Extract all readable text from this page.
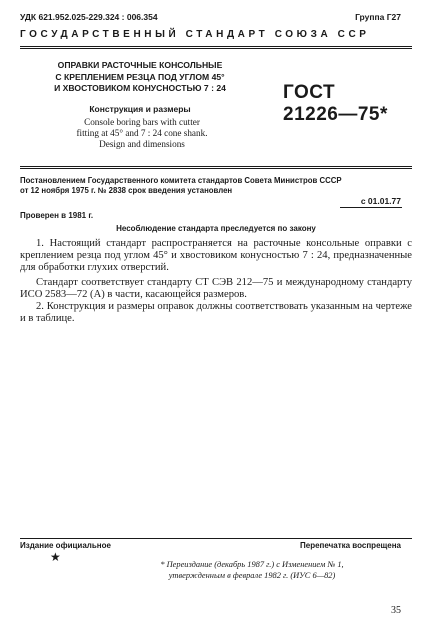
УДК 621.952.025-229.324 : 006.354	Группа Г27
ГОСУДАРСТВЕННЫЙ СТАНДАРТ СОЮЗА ССР
ОПРАВКИ РАСТОЧНЫЕ КОНСОЛЬНЫЕ
С КРЕПЛЕНИЕМ РЕЗЦА ПОД УГЛОМ 45°
И ХВОСТОВИКОМ КОНУСНОСТЬЮ 7 : 24
Конструкция и размеры
Console boring bars with cutter
fitting at 45° and 7 : 24 cone shank.
Design and dimensions
ГОСТ
21226—75*
Постановлением Государственного комитета стандартов Совета Министров СССР
от 12 ноября 1975 г. № 2838 срок введения установлен
с 01.01.77
Проверен в 1981 г.
Несоблюдение стандарта преследуется по закону

1. Настоящий стандарт распространяется на расточные консольные оправки с креплением резца под углом 45° и хвостовиком конусностью 7 : 24, предназначенные для обработки глухих отверстий.

Стандарт соответствует стандарту СТ СЭВ 212—75 и международному стандарту ИСО 2583—72 (А) в части, касающейся размеров.

2. Конструкция и размеры оправок должны соответствовать указанным на чертеже и в таблице.

Издание официальное
★
Перепечатка воспрещена
* Переиздание (декабрь 1987 г.) с Изменением № 1,
утвержденным в феврале 1982 г. (ИУС 6—82)
35
